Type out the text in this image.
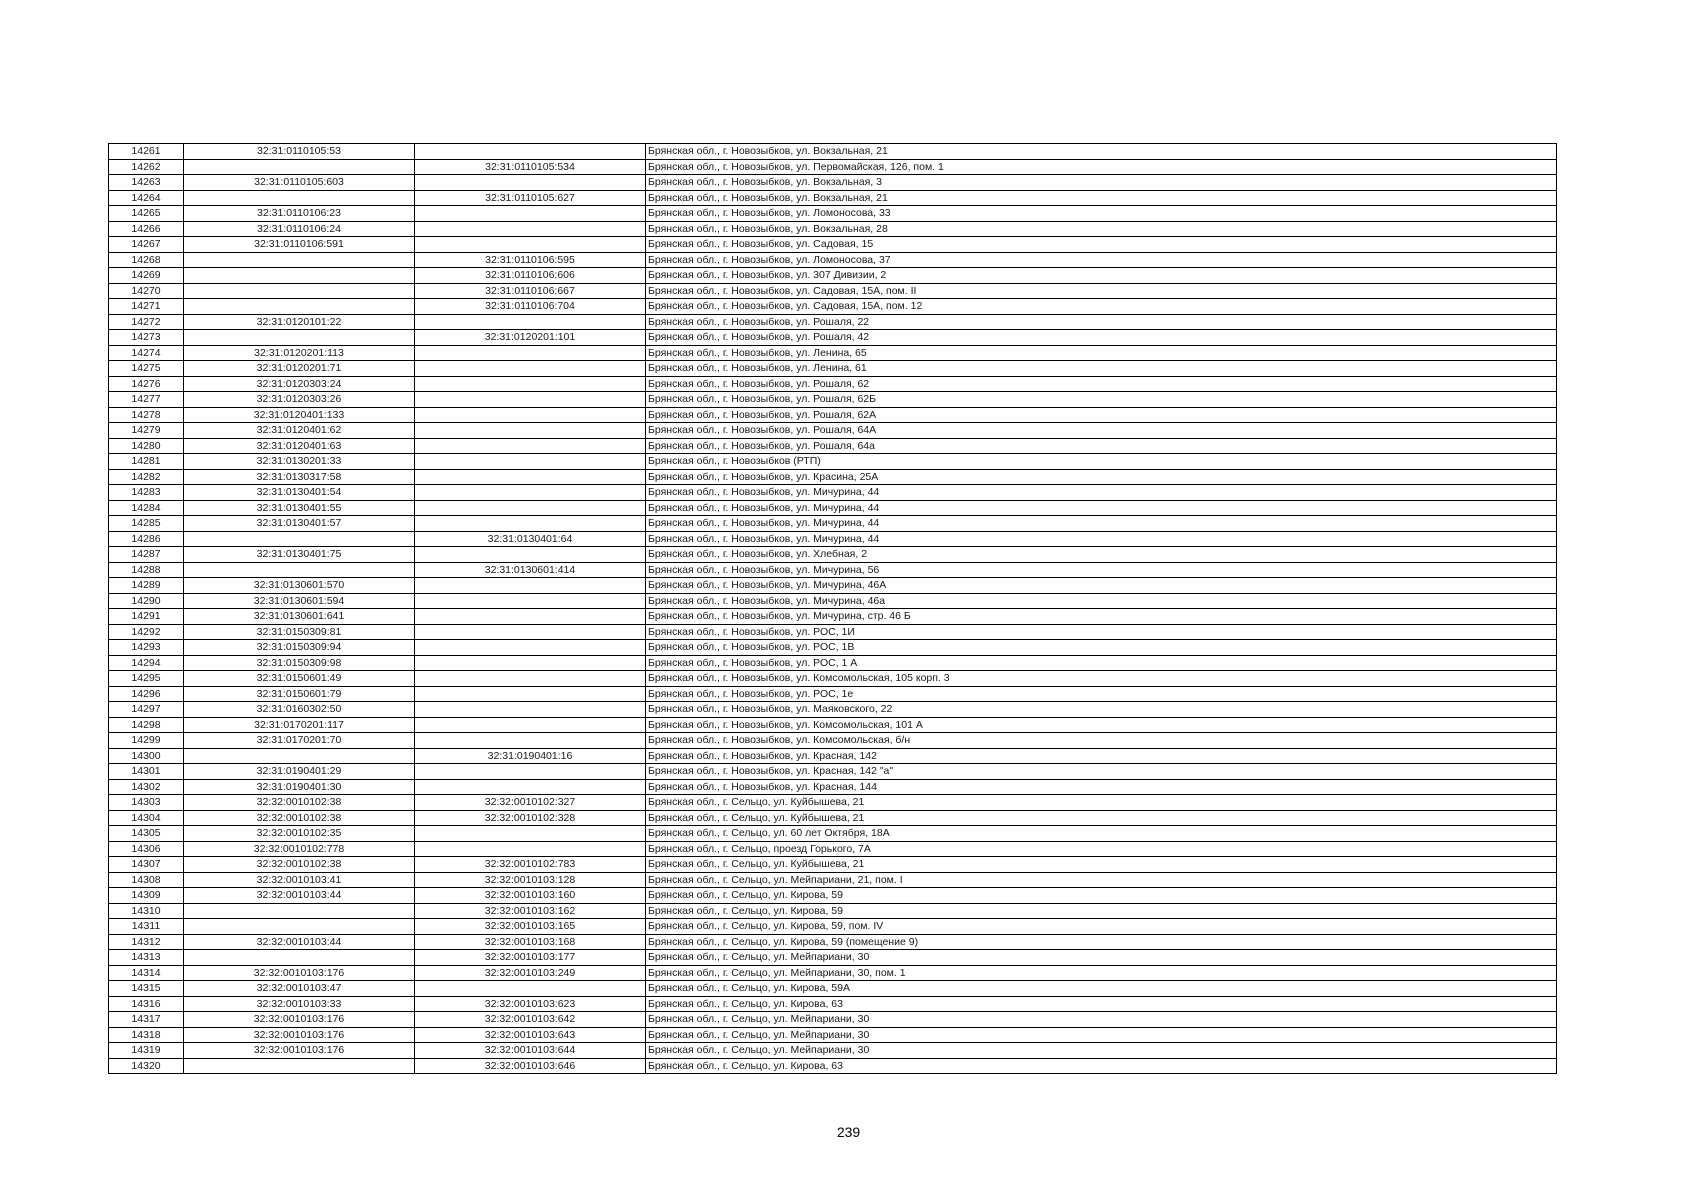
14261	32:31:0110105:53		Брянская обл., г. Новозыбков, ул. Вокзальная, 21
14262		32:31:0110105:534	Брянская обл., г. Новозыбков, ул. Первомайская, 126, пом. 1
14263	32:31:0110105:603		Брянская обл., г. Новозыбков, ул. Вокзальная, 3
14264		32:31:0110105:627	Брянская обл., г. Новозыбков, ул. Вокзальная, 21
14265	32:31:0110106:23		Брянская обл., г. Новозыбков, ул. Ломоносова, 33
14266	32:31:0110106:24		Брянская обл., г. Новозыбков, ул. Вокзальная, 28
14267	32:31:0110106:591		Брянская обл., г. Новозыбков, ул. Садовая, 15
14268		32:31:0110106:595	Брянская обл., г. Новозыбков, ул. Ломоносова, 37
14269		32:31:0110106:606	Брянская обл., г. Новозыбков, ул. 307 Дивизии, 2
14270		32:31:0110106:667	Брянская обл., г. Новозыбков, ул. Садовая, 15А, пом. II
14271		32:31:0110106:704	Брянская обл., г. Новозыбков, ул. Садовая, 15А, пом. 12
14272	32:31:0120101:22		Брянская обл., г. Новозыбков, ул. Рошаля, 22
14273		32:31:0120201:101	Брянская обл., г. Новозыбков, ул. Рошаля, 42
14274	32:31:0120201:113		Брянская обл., г. Новозыбков, ул. Ленина, 65
14275	32:31:0120201:71		Брянская обл., г. Новозыбков, ул. Ленина, 61
14276	32:31:0120303:24		Брянская обл., г. Новозыбков, ул. Рошаля, 62
14277	32:31:0120303:26		Брянская обл., г. Новозыбков, ул. Рошаля, 62Б
14278	32:31:0120401:133		Брянская обл., г. Новозыбков, ул. Рошаля, 62А
14279	32:31:0120401:62		Брянская обл., г. Новозыбков, ул. Рошаля, 64А
14280	32:31:0120401:63		Брянская обл., г. Новозыбков, ул. Рошаля, 64а
14281	32:31:0130201:33		Брянская обл., г. Новозыбков (РТП)
14282	32:31:0130317:58		Брянская обл., г. Новозыбков, ул. Красина, 25А
14283	32:31:0130401:54		Брянская обл., г. Новозыбков, ул. Мичурина, 44
14284	32:31:0130401:55		Брянская обл., г. Новозыбков, ул. Мичурина, 44
14285	32:31:0130401:57		Брянская обл., г. Новозыбков, ул. Мичурина, 44
14286		32:31:0130401:64	Брянская обл., г. Новозыбков, ул. Мичурина, 44
14287	32:31:0130401:75		Брянская обл., г. Новозыбков, ул. Хлебная, 2
14288		32:31:0130601:414	Брянская обл., г. Новозыбков, ул. Мичурина, 56
14289	32:31:0130601:570		Брянская обл., г. Новозыбков, ул. Мичурина, 46А
14290	32:31:0130601:594		Брянская обл., г. Новозыбков, ул. Мичурина, 46а
14291	32:31:0130601:641		Брянская обл., г. Новозыбков, ул. Мичурина, стр. 46 Б
14292	32:31:0150309:81		Брянская обл., г. Новозыбков, ул. РОС, 1И
14293	32:31:0150309:94		Брянская обл., г. Новозыбков, ул. РОС, 1В
14294	32:31:0150309:98		Брянская обл., г. Новозыбков, ул. РОС, 1 А
14295	32:31:0150601:49		Брянская обл., г. Новозыбков, ул. Комсомольская, 105 корп. 3
14296	32:31:0150601:79		Брянская обл., г. Новозыбков, ул. РОС, 1е
14297	32:31:0160302:50		Брянская обл., г. Новозыбков, ул. Маяковского, 22
14298	32:31:0170201:117		Брянская обл., г. Новозыбков, ул. Комсомольская, 101 А
14299	32:31:0170201:70		Брянская обл., г. Новозыбков, ул. Комсомольская, б/н
14300		32:31:0190401:16	Брянская обл., г. Новозыбков, ул. Красная, 142
14301	32:31:0190401:29		Брянская обл., г. Новозыбков, ул. Красная, 142 "а"
14302	32:31:0190401:30		Брянская обл., г. Новозыбков, ул. Красная, 144
14303	32:32:0010102:38	32:32:0010102:327	Брянская обл., г. Сельцо, ул. Куйбышева, 21
14304	32:32:0010102:38	32:32:0010102:328	Брянская обл., г. Сельцо, ул. Куйбышева, 21
14305	32:32:0010102:35		Брянская обл., г. Сельцо, ул. 60 лет Октября, 18А
14306	32:32:0010102:778		Брянская обл., г. Сельцо, проезд Горького, 7А
14307	32:32:0010102:38	32:32:0010102:783	Брянская обл., г. Сельцо, ул. Куйбышева, 21
14308	32:32:0010103:41	32:32:0010103:128	Брянская обл., г. Сельцо, ул. Мейпариани, 21, пом. I
14309	32:32:0010103:44	32:32:0010103:160	Брянская обл., г. Сельцо, ул. Кирова, 59
14310		32:32:0010103:162	Брянская обл., г. Сельцо, ул. Кирова, 59
14311		32:32:0010103:165	Брянская обл., г. Сельцо, ул. Кирова, 59, пом. IV
14312	32:32:0010103:44	32:32:0010103:168	Брянская обл., г. Сельцо, ул. Кирова, 59 (помещение 9)
14313		32:32:0010103:177	Брянская обл., г. Сельцо, ул. Мейпариани, 30
14314	32:32:0010103:176	32:32:0010103:249	Брянская обл., г. Сельцо, ул. Мейпариани, 30, пом. 1
14315	32:32:0010103:47		Брянская обл., г. Сельцо, ул. Кирова, 59А
14316	32:32:0010103:33	32:32:0010103:623	Брянская обл., г. Сельцо, ул. Кирова, 63
14317	32:32:0010103:176	32:32:0010103:642	Брянская обл., г. Сельцо, ул. Мейпариани, 30
14318	32:32:0010103:176	32:32:0010103:643	Брянская обл., г. Сельцо, ул. Мейпариани, 30
14319	32:32:0010103:176	32:32:0010103:644	Брянская обл., г. Сельцо, ул. Мейпариани, 30
14320		32:32:0010103:646	Брянская обл., г. Сельцо, ул. Кирова, 63
239
